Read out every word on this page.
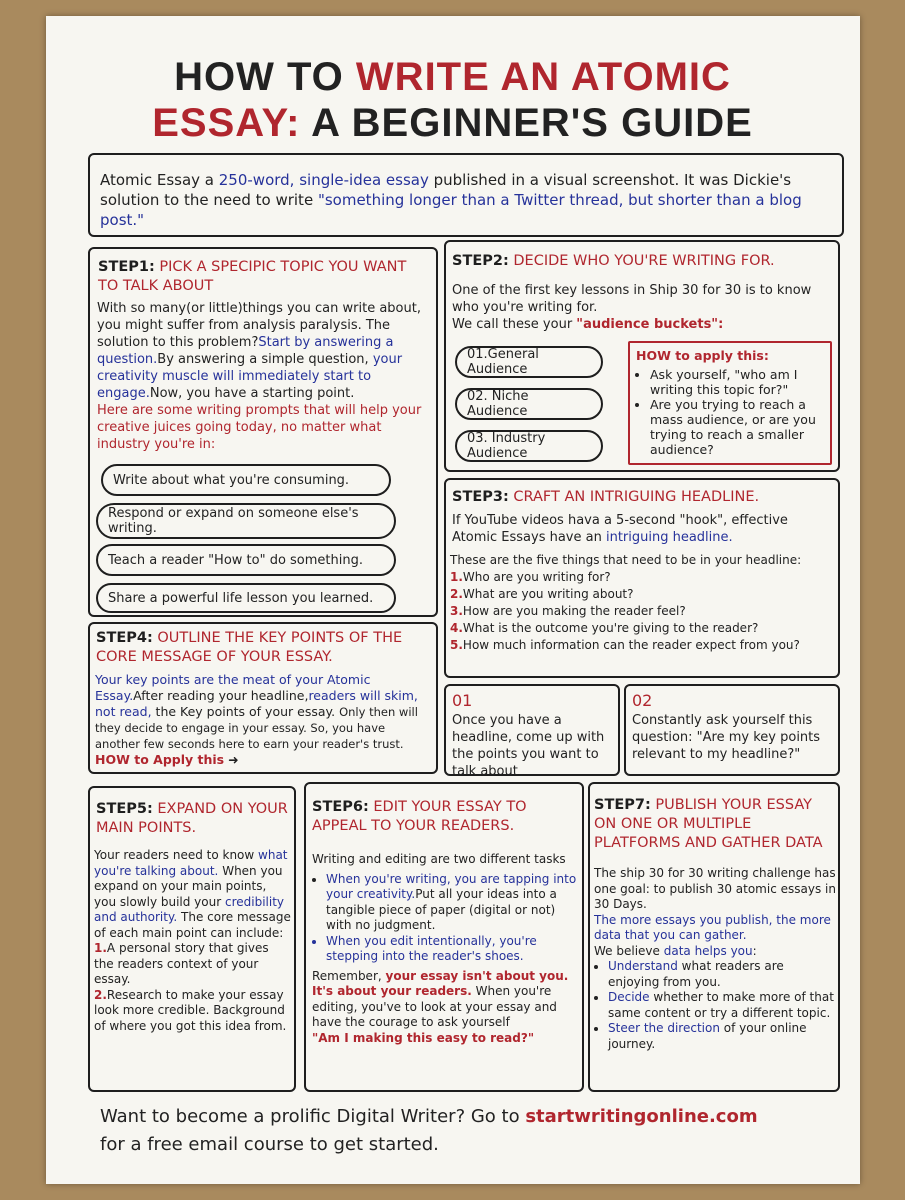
HOW TO WRITE AN ATOMIC
ESSAY: A BEGINNER'S GUIDE
Atomic Essay a 250-word, single-idea essay published in a visual screenshot. It was Dickie's solution to the need to write "something longer than a Twitter thread, but shorter than a blog post."
STEP1: PICK A SPECIPIC TOPIC YOU WANT TO TALK ABOUT
With so many(or little)things you can write about, you might suffer from analysis paralysis. The solution to this problem?Start by answering a question.By answering a simple question, your creativity muscle will immediately start to engage.Now, you have a starting point.
Here are some writing prompts that will help your creative juices going today, no matter what industry you're in:
Write about what you're consuming.
Respond or expand on someone else's writing.
Teach a reader "How to" do something.
Share a powerful life lesson you learned.
STEP2: DECIDE WHO YOU'RE WRITING FOR.
One of the first key lessons in Ship 30 for 30 is to know who you're writing for.
We call these your "audience buckets":
01.General Audience
02. Niche Audience
03. Industry Audience
HOW to apply this:
• Ask yourself, "who am I writing this topic for?"
• Are you trying to reach a mass audience, or are you trying to reach a smaller audience?
STEP3: CRAFT AN INTRIGUING HEADLINE.
If YouTube videos hava a 5-second "hook", effective Atomic Essays have an intriguing headline.
These are the five things that need to be in your headline:
1.Who are you writing for?
2.What are you writing about?
3.How are you making the reader feel?
4.What is the outcome you're giving to the reader?
5.How much information can the reader expect from you?
STEP4: OUTLINE THE KEY POINTS OF THE CORE MESSAGE OF YOUR ESSAY.
Your key points are the meat of your Atomic Essay.After reading your headline,readers will skim, not read, the Key points of your essay. Only then will they decide to engage in your essay. So, you have another few seconds here to earn your reader's trust. HOW to Apply this ➜
01
Once you have a headline, come up with the points you want to talk about
02
Constantly ask yourself this question: "Are my key points relevant to my headline?"
STEP5: EXPAND ON YOUR MAIN POINTS.
Your readers need to know what you're talking about. When you expand on your main points, you slowly build your credibility and authority. The core message of each main point can include:
1.A personal story that gives the readers context of your essay.
2.Research to make your essay look more credible. Background of where you got this idea from.
STEP6: EDIT YOUR ESSAY TO APPEAL TO YOUR READERS.
Writing and editing are two different tasks
• When you're writing, you are tapping into your creativity.Put all your ideas into a tangible piece of paper (digital or not) with no judgment.
• When you edit intentionally, you're stepping into the reader's shoes.
Remember, your essay isn't about you. It's about your readers. When you're editing, you've to look at your essay and have the courage to ask yourself
"Am I making this easy to read?"
STEP7: PUBLISH YOUR ESSAY ON ONE OR MULTIPLE PLATFORMS AND GATHER DATA
The ship 30 for 30 writing challenge has one goal: to publish 30 atomic essays in 30 Days.
The more essays you publish, the more data that you can gather.
We believe data helps you:
• Understand what readers are enjoying from you.
• Decide whether to make more of that same content or try a different topic.
• Steer the direction of your online journey.
Want to become a prolific Digital Writer? Go to startwritingonline.com
for a free email course to get started.
